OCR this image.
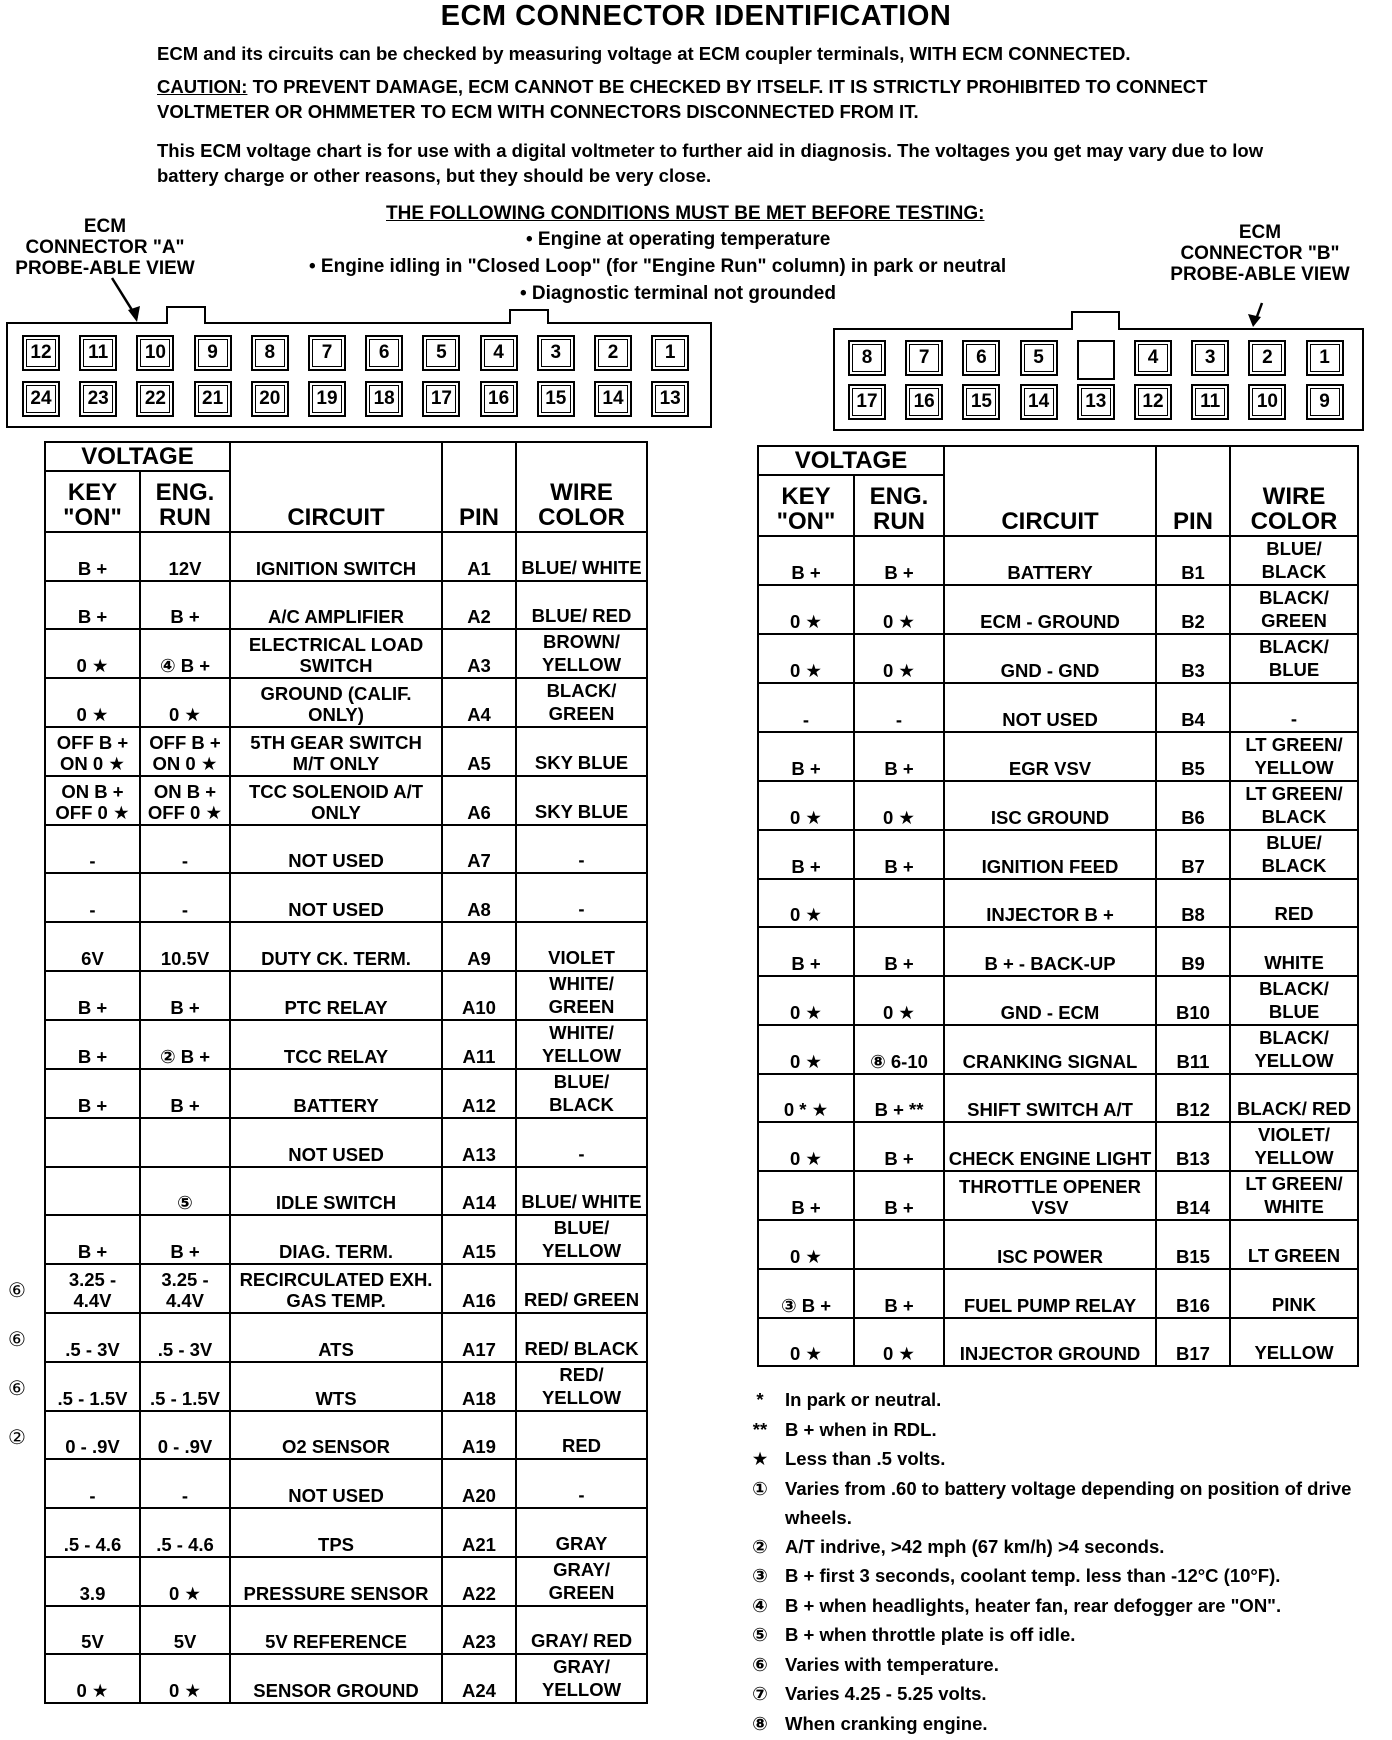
ECM CONNECTOR IDENTIFICATION
ECM and its circuits can be checked by measuring voltage at ECM coupler terminals, WITH ECM CONNECTED.
CAUTION: TO PREVENT DAMAGE, ECM CANNOT BE CHECKED BY ITSELF. IT IS STRICTLY PROHIBITED TO CONNECT VOLTMETER OR OHMMETER TO ECM WITH CONNECTORS DISCONNECTED FROM IT.
This ECM voltage chart is for use with a digital voltmeter to further aid in diagnosis. The voltages you get may vary due to low battery charge or other reasons, but they should be very close.
THE FOLLOWING CONDITIONS MUST BE MET BEFORE TESTING:
• Engine at operating temperature
• Engine idling in "Closed Loop" (for "Engine Run" column) in park or neutral
• Diagnostic terminal not grounded
ECM
CONNECTOR "A"
PROBE-ABLE VIEW
ECM
CONNECTOR "B"
PROBE-ABLE VIEW
12 11 10	9	8	7	6	5	4	3	2	1
24 23 22 21 20 19 18 17 16 15 14 13
8	7	6	5	4	3	2	1
17 16 15 14 13 12 11 10	9
VOLTAGE		CIRCUIT	PIN	WIRE COLOR
KEY "ON"	ENG. RUN			
B +	12V	IGNITION SWITCH	A1	BLUE/ WHITE
B +	B +	A/C AMPLIFIER	A2	BLUE/ RED
0 ★	④ B +	ELECTRICAL LOAD SWITCH	A3	BROWN/ YELLOW
0 ★	0 ★	GROUND (CALIF. ONLY)	A4	BLACK/ GREEN
OFF B + ON 0 ★	OFF B + ON 0 ★	5TH GEAR SWITCH M/T ONLY	A5	SKY BLUE
ON B + OFF 0 ★	ON B + OFF 0 ★	TCC SOLENOID A/T ONLY	A6	SKY BLUE
-	-	NOT USED	A7	-
-	-	NOT USED	A8	-
6V	10.5V	DUTY CK. TERM.	A9	VIOLET
B +	B +	PTC RELAY	A10	WHITE/ GREEN
B +	② B +	TCC RELAY	A11	WHITE/ YELLOW
B +	B +	BATTERY	A12	BLUE/ BLACK
		NOT USED	A13	-
	⑤	IDLE SWITCH	A14	BLUE/ WHITE
B +	B +	DIAG. TERM.	A15	BLUE/ YELLOW
3.25 - 4.4V	3.25 - 4.4V	RECIRCULATED EXH. GAS TEMP.	A16	RED/ GREEN
.5 - 3V	.5 - 3V	ATS	A17	RED/ BLACK
.5 - 1.5V	.5 - 1.5V	WTS	A18	RED/ YELLOW
0 - .9V	0 - .9V	O2 SENSOR	A19	RED
-	-	NOT USED	A20	-
.5 - 4.6	.5 - 4.6	TPS	A21	GRAY
3.9	0 ★	PRESSURE SENSOR	A22	GRAY/ GREEN
5V	5V	5V REFERENCE	A23	GRAY/ RED
0 ★	0 ★	SENSOR GROUND	A24	GRAY/ YELLOW
VOLTAGE		CIRCUIT	PIN	WIRE COLOR
KEY "ON"	ENG. RUN			
B +	B +	BATTERY	B1	BLUE/ BLACK
0 ★	0 ★	ECM - GROUND	B2	BLACK/ GREEN
0 ★	0 ★	GND - GND	B3	BLACK/ BLUE
-	-	NOT USED	B4	-
B +	B +	EGR VSV	B5	LT GREEN/ YELLOW
0 ★	0 ★	ISC GROUND	B6	LT GREEN/ BLACK
B +	B +	IGNITION FEED	B7	BLUE/ BLACK
0 ★		INJECTOR B +	B8	RED
B +	B +	B + - BACK-UP	B9	WHITE
0 ★	0 ★	GND - ECM	B10	BLACK/ BLUE
0 ★	⑧ 6-10	CRANKING SIGNAL	B11	BLACK/ YELLOW
0 * ★	B + **	SHIFT SWITCH A/T	B12	BLACK/ RED
0 ★	B +	CHECK ENGINE LIGHT	B13	VIOLET/ YELLOW
B +	B +	THROTTLE OPENER VSV	B14	LT GREEN/ WHITE
0 ★		ISC POWER	B15	LT GREEN
③ B +	B +	FUEL PUMP RELAY	B16	PINK
0 ★	0 ★	INJECTOR GROUND	B17	YELLOW
⑥
⑥
⑥
②
*	In park or neutral.
** B + when in RDL.
★ Less than .5 volts.
① Varies from .60 to battery voltage depending on position of drive wheels.
② A/T indrive, >42 mph (67 km/h) >4 seconds.
③ B + first 3 seconds, coolant temp. less than -12°C (10°F).
④ B + when headlights, heater fan, rear defogger are "ON".
⑤ B + when throttle plate is off idle.
⑥ Varies with temperature.
⑦ Varies 4.25 - 5.25 volts.
⑧ When cranking engine.
